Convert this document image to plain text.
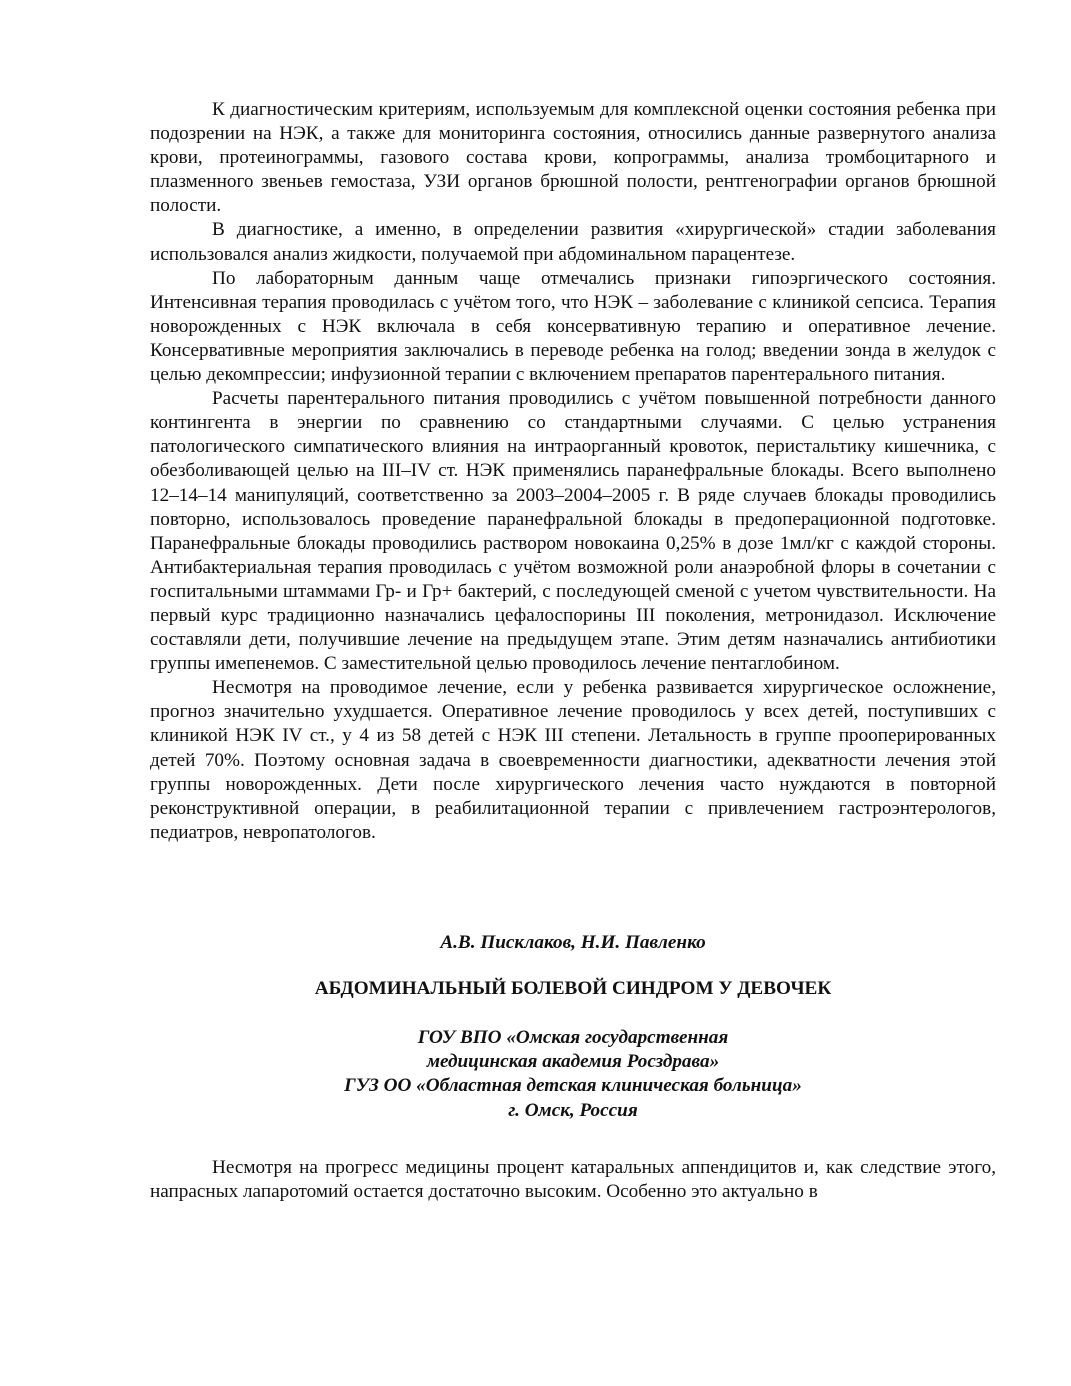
К диагностическим критериям, используемым для комплексной оценки состояния ребенка при подозрении на НЭК, а также для мониторинга состояния, относились данные развернутого анализа крови, протеинограммы, газового состава крови, копрограммы, анализа тромбоцитарного и плазменного звеньев гемостаза, УЗИ органов брюшной полости, рентгенографии органов брюшной полости.

В диагностике, а именно, в определении развития «хирургической» стадии заболевания использовался анализ жидкости, получаемой при абдоминальном парацентезе.

По лабораторным данным чаще отмечались признаки гипоэргического состояния. Интенсивная терапия проводилась с учётом того, что НЭК – заболевание с клиникой сепсиса. Терапия новорожденных с НЭК включала в себя консервативную терапию и оперативное лечение. Консервативные мероприятия заключались в переводе ребенка на голод; введении зонда в желудок с целью декомпрессии; инфузионной терапии с включением препаратов парентерального питания.

Расчеты парентерального питания проводились с учётом повышенной потребности данного контингента в энергии по сравнению со стандартными случаями. С целью устранения патологического симпатического влияния на интраорганный кровоток, перистальтику кишечника, с обезболивающей целью на III–IV ст. НЭК применялись паранефральные блокады. Всего выполнено 12–14–14 манипуляций, соответственно за 2003–2004–2005 г. В ряде случаев блокады проводились повторно, использовалось проведение паранефральной блокады в предоперационной подготовке. Паранефральные блокады проводились раствором новокаина 0,25% в дозе 1мл/кг с каждой стороны. Антибактериальная терапия проводилась с учётом возможной роли анаэробной флоры в сочетании с госпитальными штаммами Гр- и Гр+ бактерий, с последующей сменой с учетом чувствительности. На первый курс традиционно назначались цефалоспорины III поколения, метронидазол. Исключение составляли дети, получившие лечение на предыдущем этапе. Этим детям назначались антибиотики группы имепенемов. С заместительной целью проводилось лечение пентаглобином.

Несмотря на проводимое лечение, если у ребенка развивается хирургическое осложнение, прогноз значительно ухудшается. Оперативное лечение проводилось у всех детей, поступивших с клиникой НЭК IV ст., у 4 из 58 детей с НЭК III степени. Летальность в группе прооперированных детей 70%. Поэтому основная задача в своевременности диагностики, адекватности лечения этой группы новорожденных. Дети после хирургического лечения часто нуждаются в повторной реконструктивной операции, в реабилитационной терапии с привлечением гастроэнтерологов, педиатров, невропатологов.

А.В. Писклаков, Н.И. Павленко
АБДОМИНАЛЬНЫЙ БОЛЕВОЙ СИНДРОМ У ДЕВОЧЕК
ГОУ ВПО «Омская государственная
медицинская академия Росздрава»
ГУЗ ОО «Областная детская клиническая больница»
г. Омск, Россия

Несмотря на прогресс медицины процент катаральных аппендицитов и, как следствие этого, напрасных лапаротомий остается достаточно высоким. Особенно это актуально в
